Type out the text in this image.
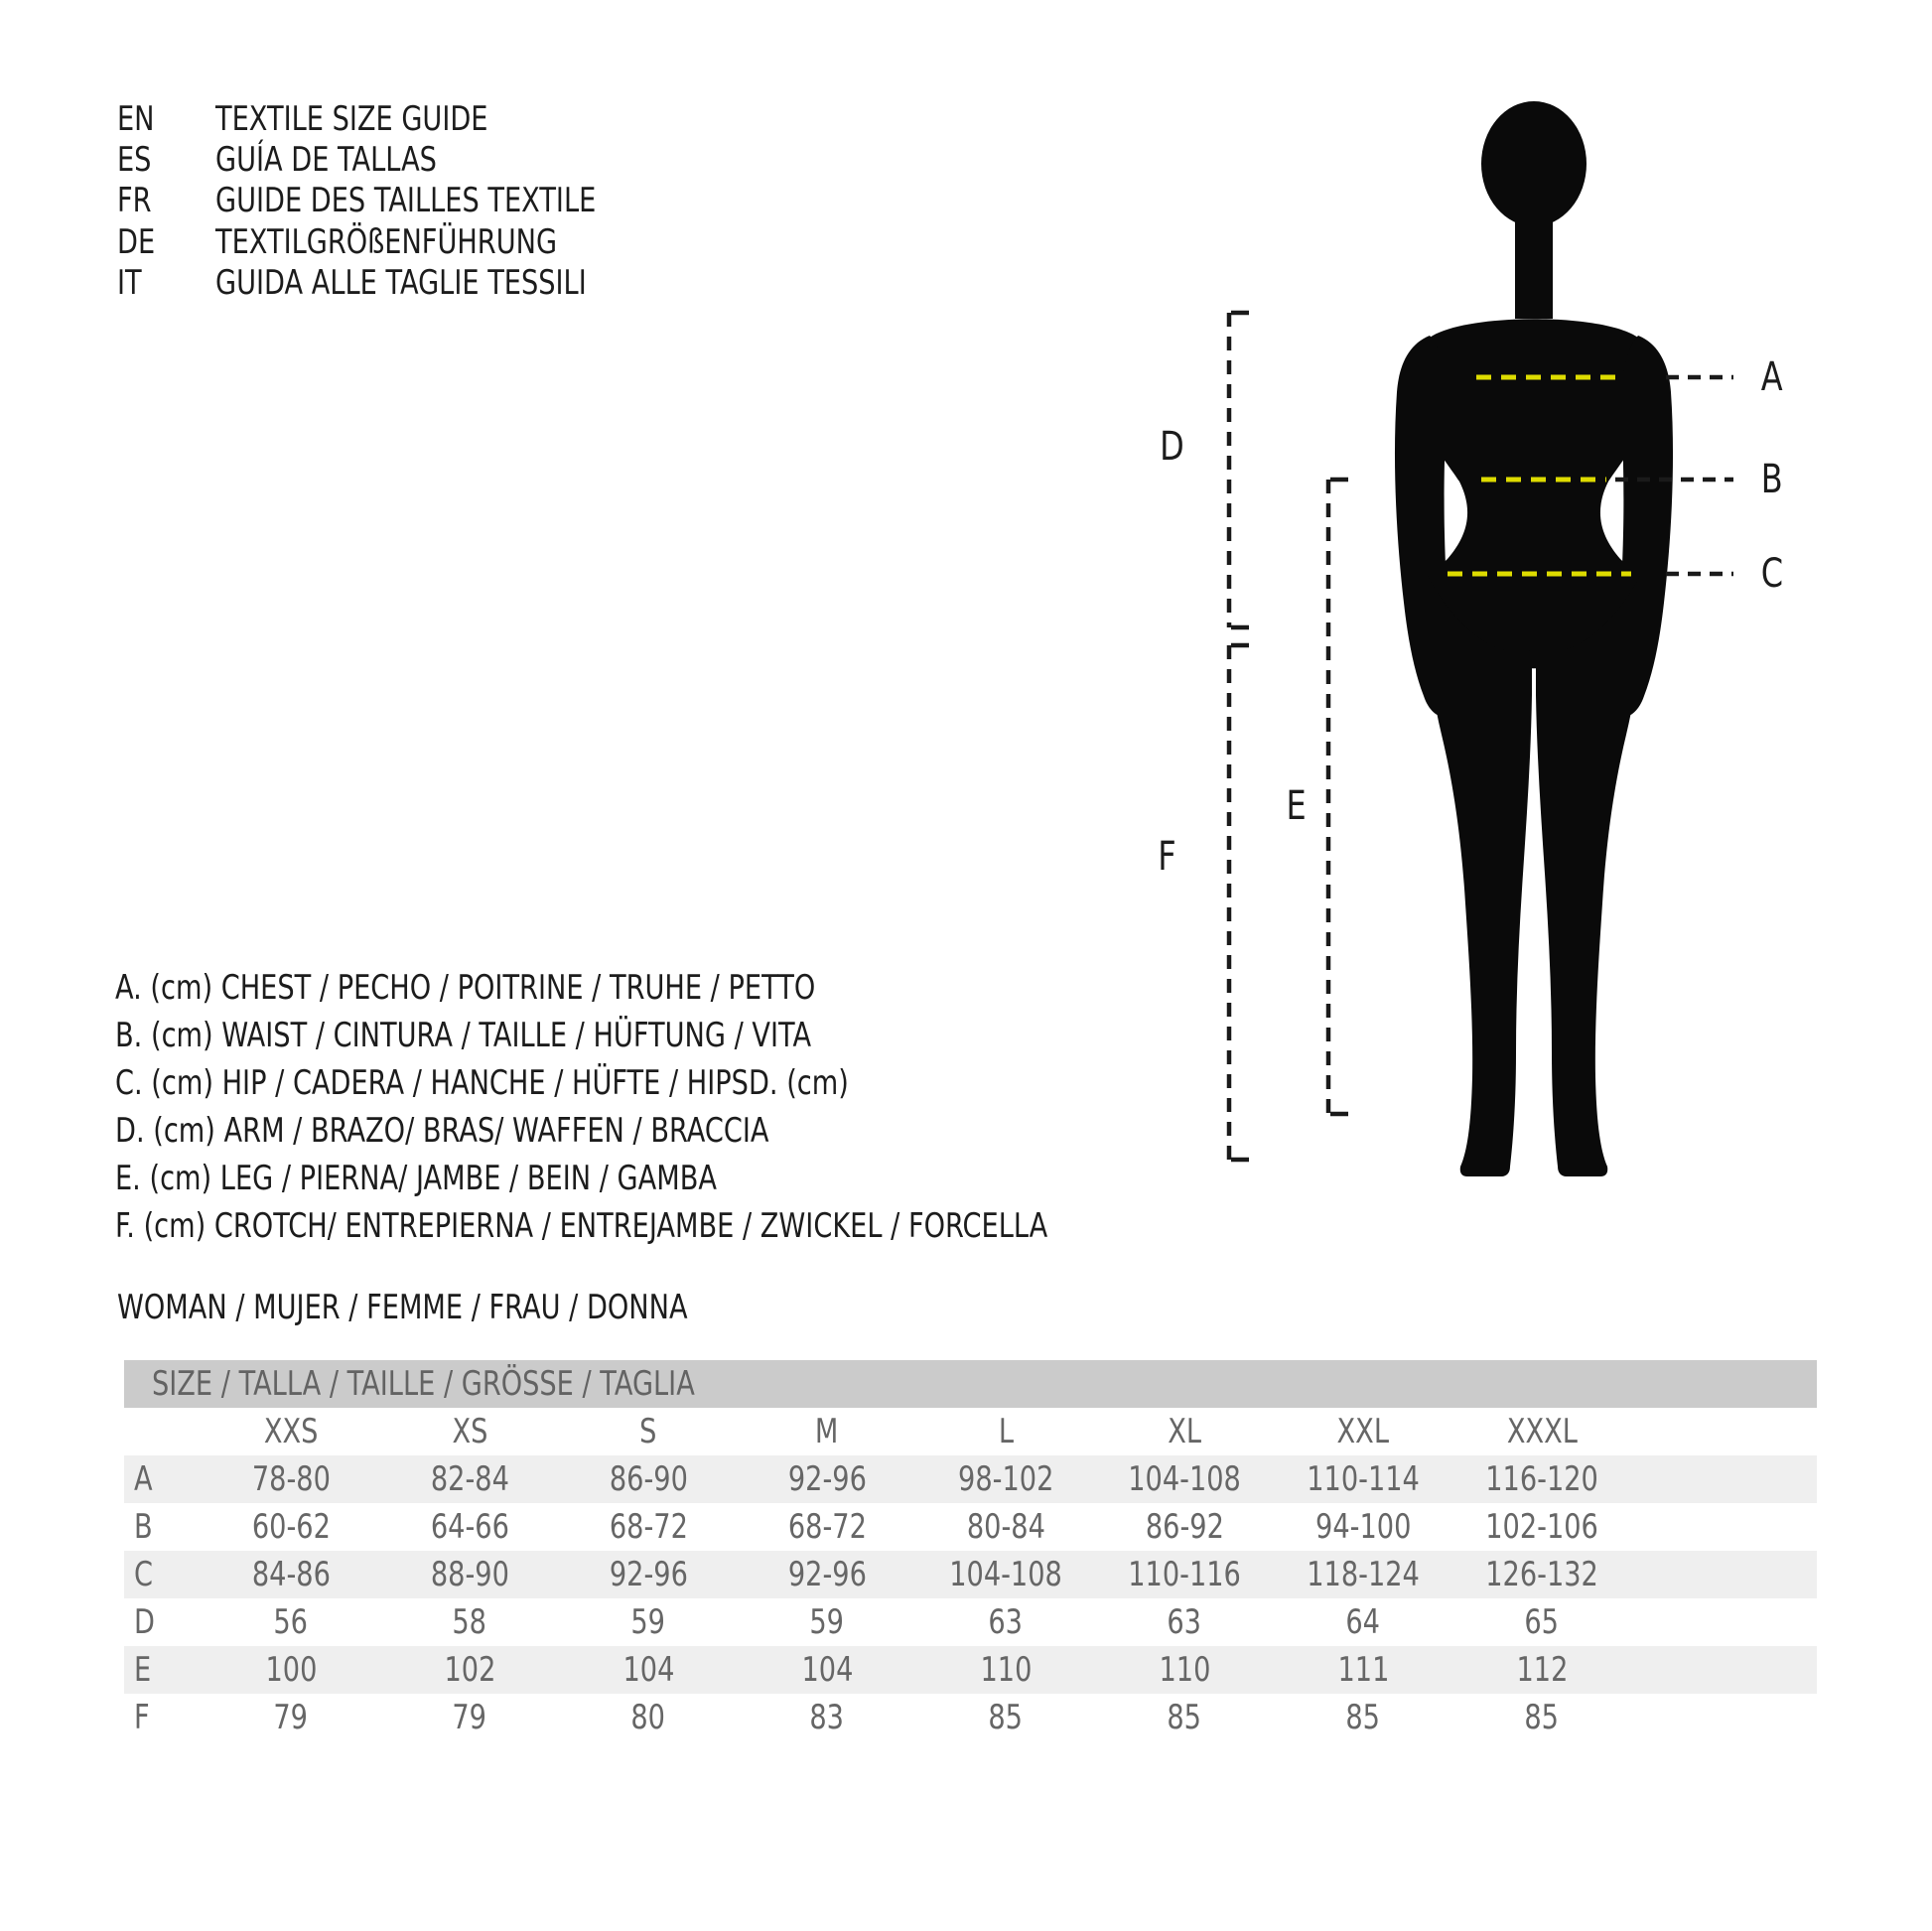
EN TEXTILE SIZE GUIDE
ES GUÍA DE TALLAS
FR GUIDE DES TAILLES TEXTILE
DE TEXTILGRÖßENFÜHRUNG
IT GUIDA ALLE TAGLIE TESSILI
A
B
C
D
E
F
A. (cm) CHEST / PECHO / POITRINE / TRUHE / PETTO
B. (cm) WAIST / CINTURA / TAILLE / HÜFTUNG / VITA
C. (cm) HIP / CADERA / HANCHE / HÜFTE / HIPSD. (cm)
D. (cm) ARM / BRAZO/ BRAS/ WAFFEN / BRACCIA
E. (cm) LEG / PIERNA/ JAMBE / BEIN / GAMBA
F. (cm) CROTCH/ ENTREPIERNA / ENTREJAMBE / ZWICKEL / FORCELLA
WOMAN / MUJER / FEMME / FRAU / DONNA
SIZE / TALLA / TAILLE / GRÖSSE / TAGLIA
XXS	XS	S	M	L	XL	XXL	XXXL
A	78-80	82-84	86-90	92-96	98-102	104-108	110-114	116-120
B	60-62	64-66	68-72	68-72	80-84	86-92	94-100	102-106
C	84-86	88-90	92-96	92-96	104-108	110-116	118-124	126-132
D	56	58	59	59	63	63	64	65
E	100	102	104	104	110	110	111	112
F	79	79	80	83	85	85	85	85
